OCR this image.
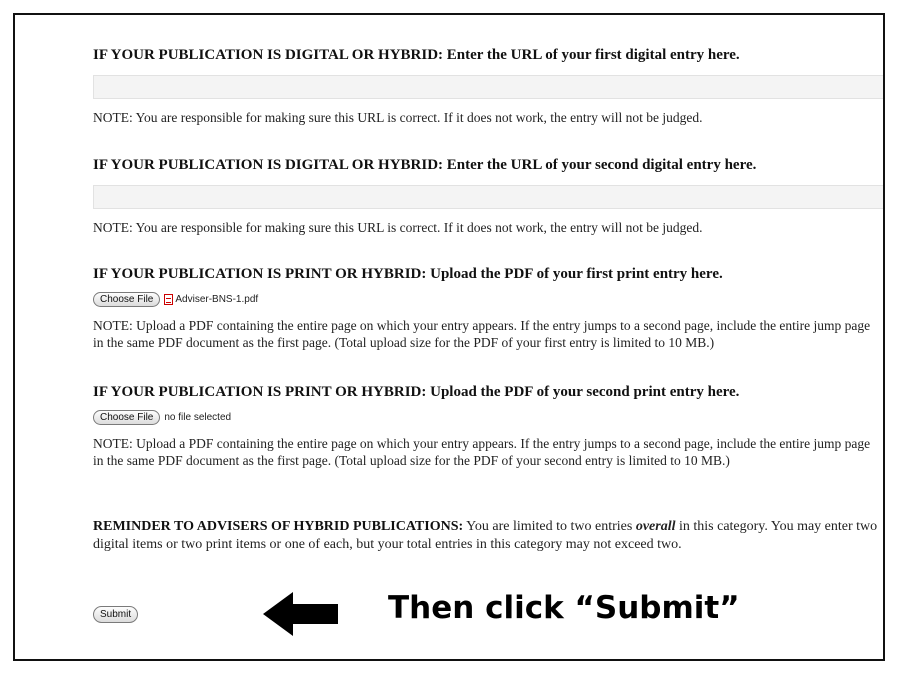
IF YOUR PUBLICATION IS DIGITAL OR HYBRID: Enter the URL of your first digital entry here.
NOTE: You are responsible for making sure this URL is correct. If it does not work, the entry will not be judged.
IF YOUR PUBLICATION IS DIGITAL OR HYBRID: Enter the URL of your second digital entry here.
NOTE: You are responsible for making sure this URL is correct. If it does not work, the entry will not be judged.
IF YOUR PUBLICATION IS PRINT OR HYBRID: Upload the PDF of your first print entry here.
Choose File	Adviser-BNS-1.pdf
NOTE: Upload a PDF containing the entire page on which your entry appears. If the entry jumps to a second page, include the entire jump page in the same PDF document as the first page. (Total upload size for the PDF of your first entry is limited to 10 MB.)
IF YOUR PUBLICATION IS PRINT OR HYBRID: Upload the PDF of your second print entry here.
Choose File	no file selected
NOTE: Upload a PDF containing the entire page on which your entry appears. If the entry jumps to a second page, include the entire jump page in the same PDF document as the first page. (Total upload size for the PDF of your second entry is limited to 10 MB.)
REMINDER TO ADVISERS OF HYBRID PUBLICATIONS: You are limited to two entries overall in this category. You may enter two digital items or two print items or one of each, but your total entries in this category may not exceed two.
Submit	Then click “Submit”
